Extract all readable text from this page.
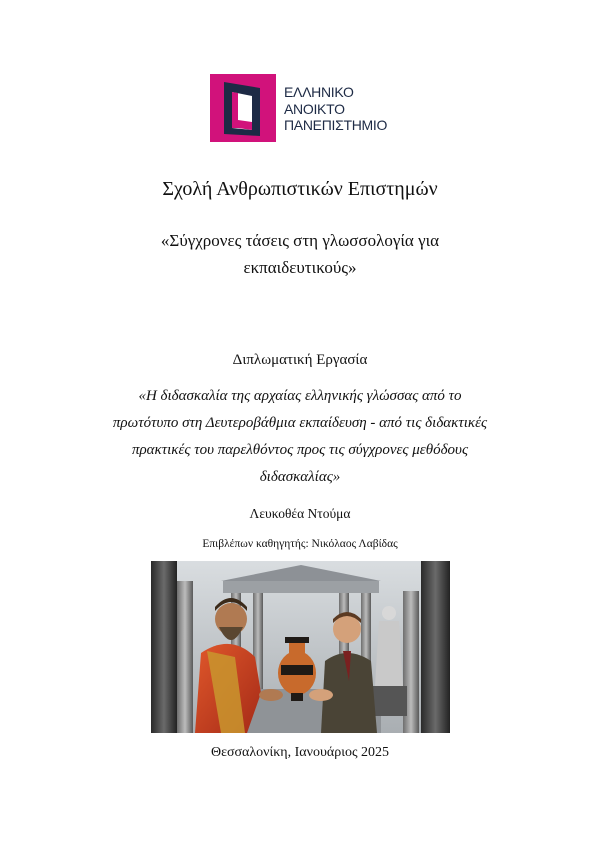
ΕΛΛΗΝΙΚΟ
ΑΝΟΙΚΤΟ
ΠΑΝΕΠΙΣΤΗΜΙΟ
Σχολή Ανθρωπιστικών Επιστημών
«Σύγχρονες τάσεις στη γλωσσολογία για
εκπαιδευτικούς»
Διπλωματική Εργασία
«Η διδασκαλία της αρχαίας ελληνικής γλώσσας από το
πρωτότυπο στη Δευτεροβάθμια εκπαίδευση - από τις διδακτικές
πρακτικές του παρελθόντος προς τις σύγχρονες μεθόδους
διδασκαλίας»
Λευκοθέα Ντούμα
Επιβλέπων καθηγητής: Νικόλαος Λαβίδας
Θεσσαλονίκη, Ιανουάριος 2025
